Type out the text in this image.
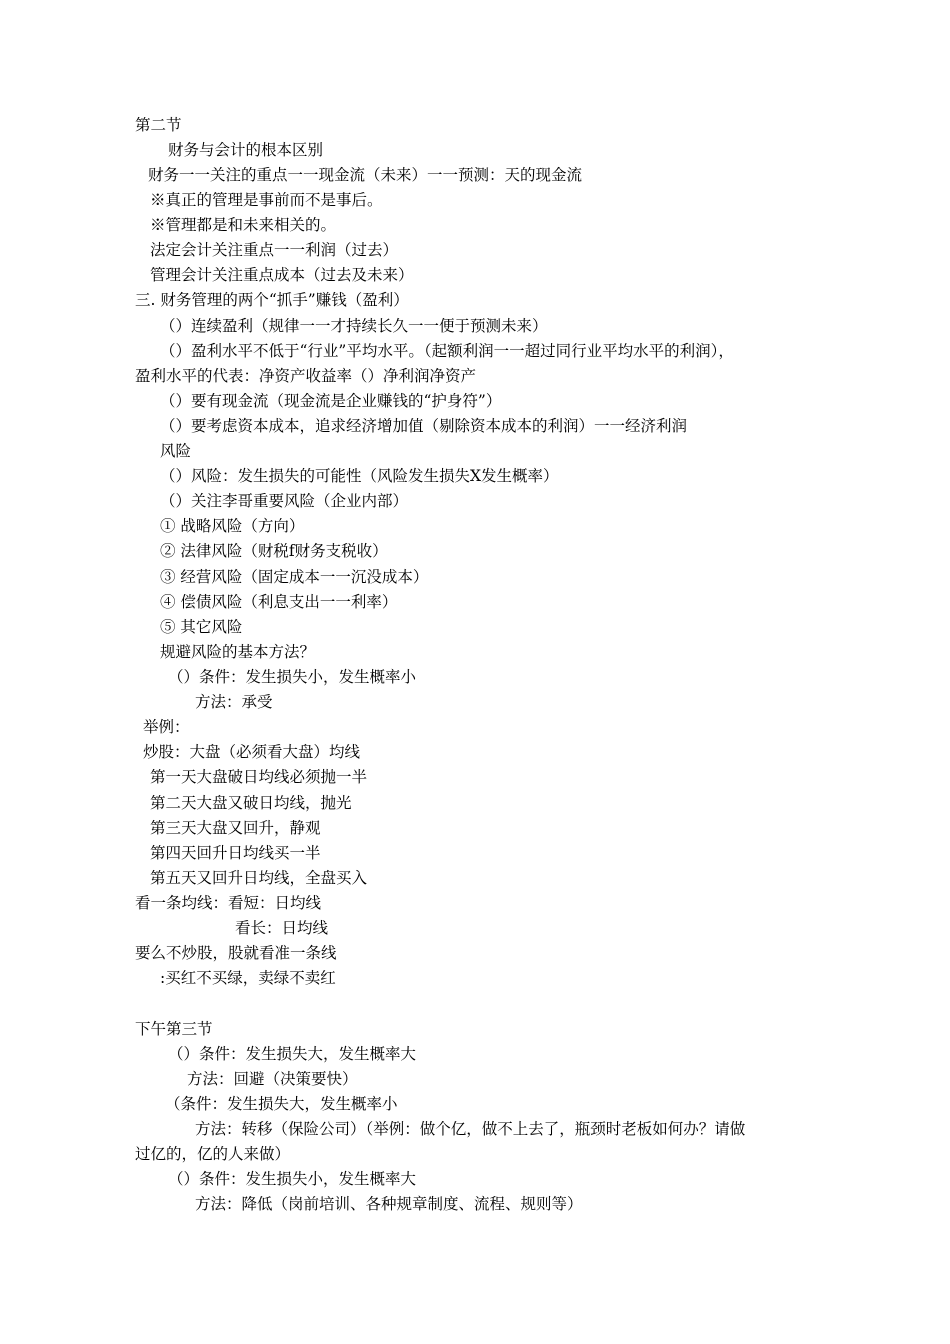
第二节
财务与会计的根本区别
财务一一关注的重点一一现金流（未来）一一预测：天的现金流
※真正的管理是事前而不是事后。
※管理都是和未来相关的。
法定会计关注重点一一利润（过去）
管理会计关注重点成本（过去及未来）
三. 财务管理的两个“抓手”赚钱（盈利）
（）连续盈利（规律一一才持续长久一一便于预测未来）
（）盈利水平不低于“行业”平均水平。（起额利润一一超过同行业平均水平的利润），
盈利水平的代表：净资产收益率（）净利润净资产
（）要有现金流（现金流是企业赚钱的“护身符”）
（）要考虑资本成本，追求经济增加值（剔除资本成本的利润）一一经济利润
风险
（）风险：发生损失的可能性（风险发生损失X发生概率）
（）关注李哥重要风险（企业内部）
① 战略风险（方向）
② 法律风险（财税f财务支税收）
③ 经营风险（固定成本一一沉没成本）
④ 偿债风险（利息支出一一利率）
⑤ 其它风险
规避风险的基本方法？
（）条件：发生损失小，发生概率小
方法：承受
举例：
炒股：大盘（必须看大盘）均线
第一天大盘破日均线必须抛一半
第二天大盘又破日均线，抛光
第三天大盘又回升，静观
第四天回升日均线买一半
第五天又回升日均线，全盘买入
看一条均线：看短：日均线
看长：日均线
要么不炒股，股就看准一条线
:买红不买绿，卖绿不卖红
下午第三节
（）条件：发生损失大，发生概率大
方法：回避（决策要快）
（条件：发生损失大，发生概率小
方法：转移（保险公司）（举例：做个亿，做不上去了，瓶颈时老板如何办？请做
过亿的，亿的人来做）
（）条件：发生损失小，发生概率大
方法：降低（岗前培训、各种规章制度、流程、规则等）
